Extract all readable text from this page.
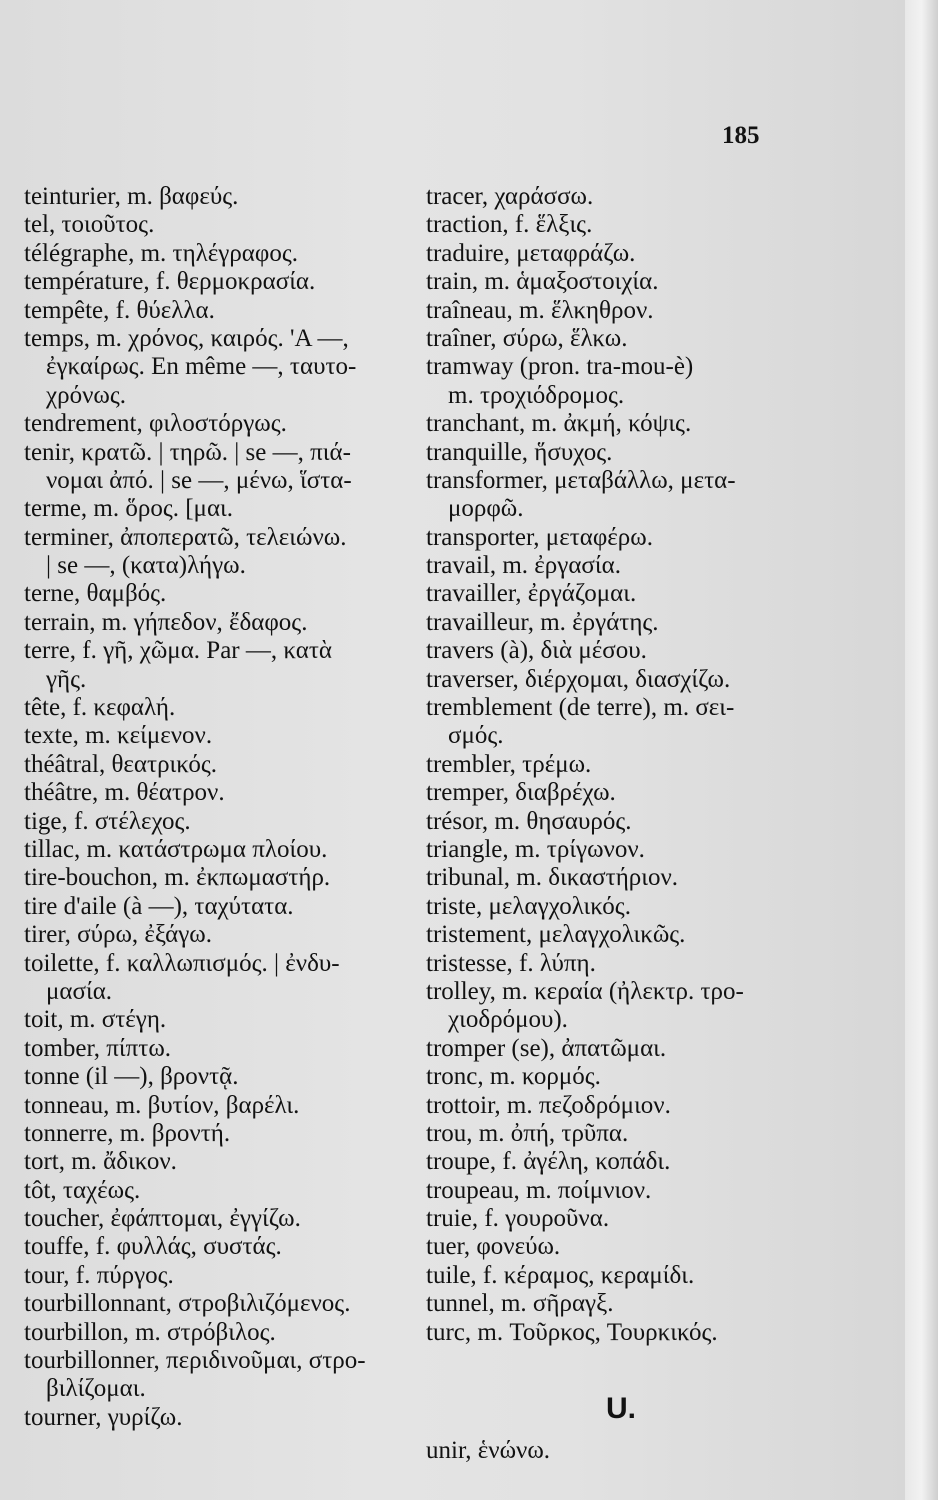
185
teinturier, m. βαφεύς.
tel, τοιοῦτος.
télégraphe, m. τηλέγραφος.
température, f. θερμοκρασία.
tempête, f. θύελλα.
temps, m. χρόνος, καιρός. 'A —,
ἐγκαίρως. En même —, ταυτο-
χρόνως.
tendrement, φιλοστόργως.
tenir, κρατῶ. | τηρῶ. | se —, πιά-
νομαι ἀπό. | se —, μένω, ἵστα-
terme, m. ὅρος. [μαι.
terminer, ἀποπερατῶ, τελειώνω.
| se —, (κατα)λήγω.
terne, θαμβός.
terrain, m. γήπεδον, ἔδαφος.
terre, f. γῆ, χῶμα. Par —, κατὰ
γῆς.
tête, f. κεφαλή.
texte, m. κείμενον.
théâtral, θεατρικός.
théâtre, m. θέατρον.
tige, f. στέλεχος.
tillac, m. κατάστρωμα πλοίου.
tire-bouchon, m. ἐκπωμαστήρ.
tire d'aile (à —), ταχύτατα.
tirer, σύρω, ἐξάγω.
toilette, f. καλλωπισμός. | ἐνδυ-
μασία.
toit, m. στέγη.
tomber, πίπτω.
tonne (il —), βροντᾷ.
tonneau, m. βυτίον, βαρέλι.
tonnerre, m. βροντή.
tort, m. ἄδικον.
tôt, ταχέως.
toucher, ἐφάπτομαι, ἐγγίζω.
touffe, f. φυλλάς, συστάς.
tour, f. πύργος.
tourbillonnant, στροβιλιζόμενος.
tourbillon, m. στρόβιλος.
tourbillonner, περιδινοῦμαι, στρο-
βιλίζομαι.
tourner, γυρίζω.
tracer, χαράσσω.
traction, f. ἕλξις.
traduire, μεταφράζω.
train, m. ἁμαξοστοιχία.
traîneau, m. ἕλκηθρον.
traîner, σύρω, ἕλκω.
tramway (pron. tra-mou-è)
m. τροχιόδρομος.
tranchant, m. ἀκμή, κόψις.
tranquille, ἥσυχος.
transformer, μεταβάλλω, μετα-
μορφῶ.
transporter, μεταφέρω.
travail, m. ἐργασία.
travailler, ἐργάζομαι.
travailleur, m. ἐργάτης.
travers (à), διὰ μέσου.
traverser, διέρχομαι, διασχίζω.
tremblement (de terre), m. σει-
σμός.
trembler, τρέμω.
tremper, διαβρέχω.
trésor, m. θησαυρός.
triangle, m. τρίγωνον.
tribunal, m. δικαστήριον.
triste, μελαγχολικός.
tristement, μελαγχολικῶς.
tristesse, f. λύπη.
trolley, m. κεραία (ἠλεκτρ. τρο-
χιοδρόμου).
tromper (se), ἀπατῶμαι.
tronc, m. κορμός.
trottoir, m. πεζοδρόμιον.
trou, m. ὀπή, τρῦπα.
troupe, f. ἀγέλη, κοπάδι.
troupeau, m. ποίμνιον.
truie, f. γουροῦνα.
tuer, φονεύω.
tuile, f. κέραμος, κεραμίδι.
tunnel, m. σῆραγξ.
turc, m. Τοῦρκος, Τουρκικός.
U.
unir, ἑνώνω.
